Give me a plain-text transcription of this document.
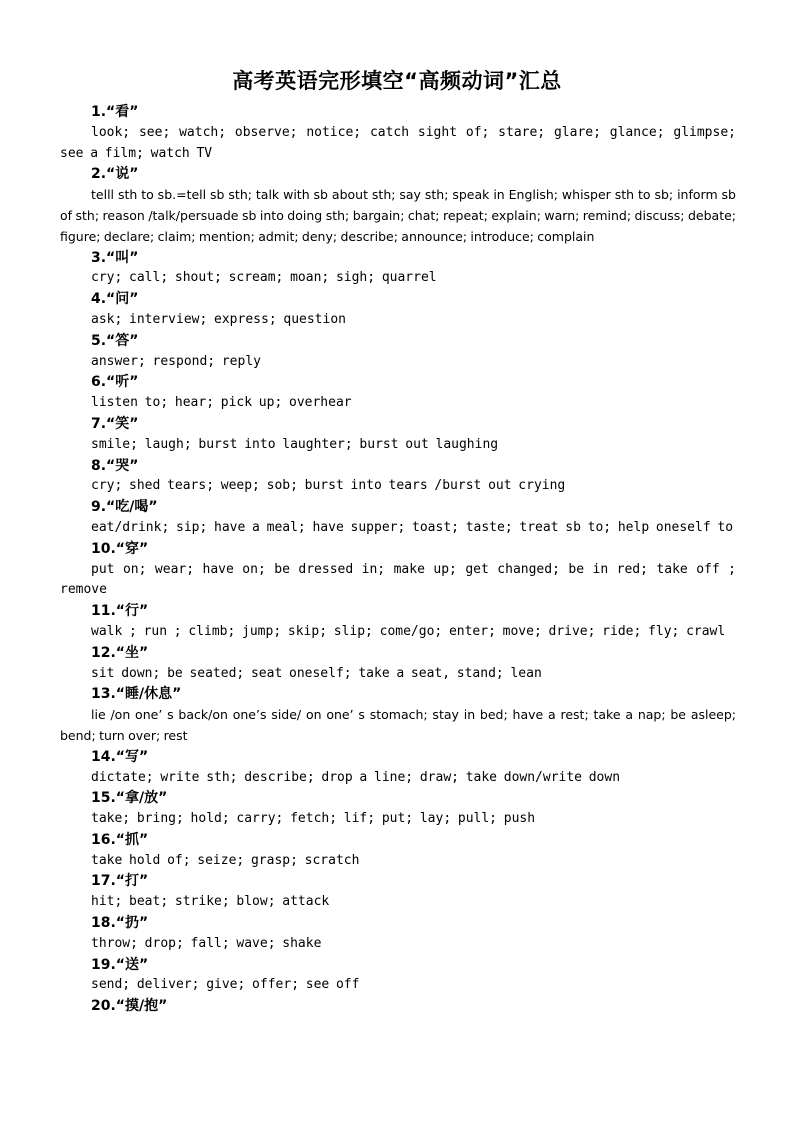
高考英语完形填空“高频动词”汇总
1.“看”
look; see; watch; observe; notice; catch sight of; stare; glare; glance; glimpse; see a film; watch TV
2.“说”
telll sth to sb.=tell sb sth; talk with sb about sth; say sth; speak in English; whisper sth to sb; inform sb of sth; reason /talk/persuade sb into doing sth; bargain; chat; repeat; explain; warn; remind; discuss; debate; figure; declare; claim; mention; admit; deny; describe; announce; introduce; complain
3.“叫”
cry; call; shout; scream; moan; sigh; quarrel
4.“问”
ask; interview; express; question
5.“答”
answer; respond; reply
6.“听”
listen to; hear; pick up; overhear
7.“笑”
smile; laugh; burst into laughter; burst out laughing
8.“哭”
cry; shed tears; weep; sob; burst into tears /burst out crying
9.“吃/喝”
eat/drink; sip; have a meal; have supper; toast; taste; treat sb to; help oneself to
10.“穿”
put on; wear; have on; be dressed in; make up; get changed; be in red; take off ; remove
11.“行”
walk ; run ; climb; jump; skip; slip; come/go; enter; move; drive; ride; fly; crawl
12.“坐”
sit down; be seated; seat oneself; take a seat, stand; lean
13.“睡/休息”
lie /on one’ s back/on one’s side/ on one’ s stomach; stay in bed; have a rest; take a nap; be asleep; bend; turn over; rest
14.“写”
dictate; write sth; describe; drop a line; draw; take down/write down
15.“拿/放”
take; bring; hold; carry; fetch; lif; put; lay; pull; push
16.“抓”
take hold of; seize; grasp; scratch
17.“打”
hit; beat; strike; blow; attack
18.“扔”
throw; drop; fall; wave; shake
19.“送”
send; deliver; give; offer; see off
20.“摸/抱”
